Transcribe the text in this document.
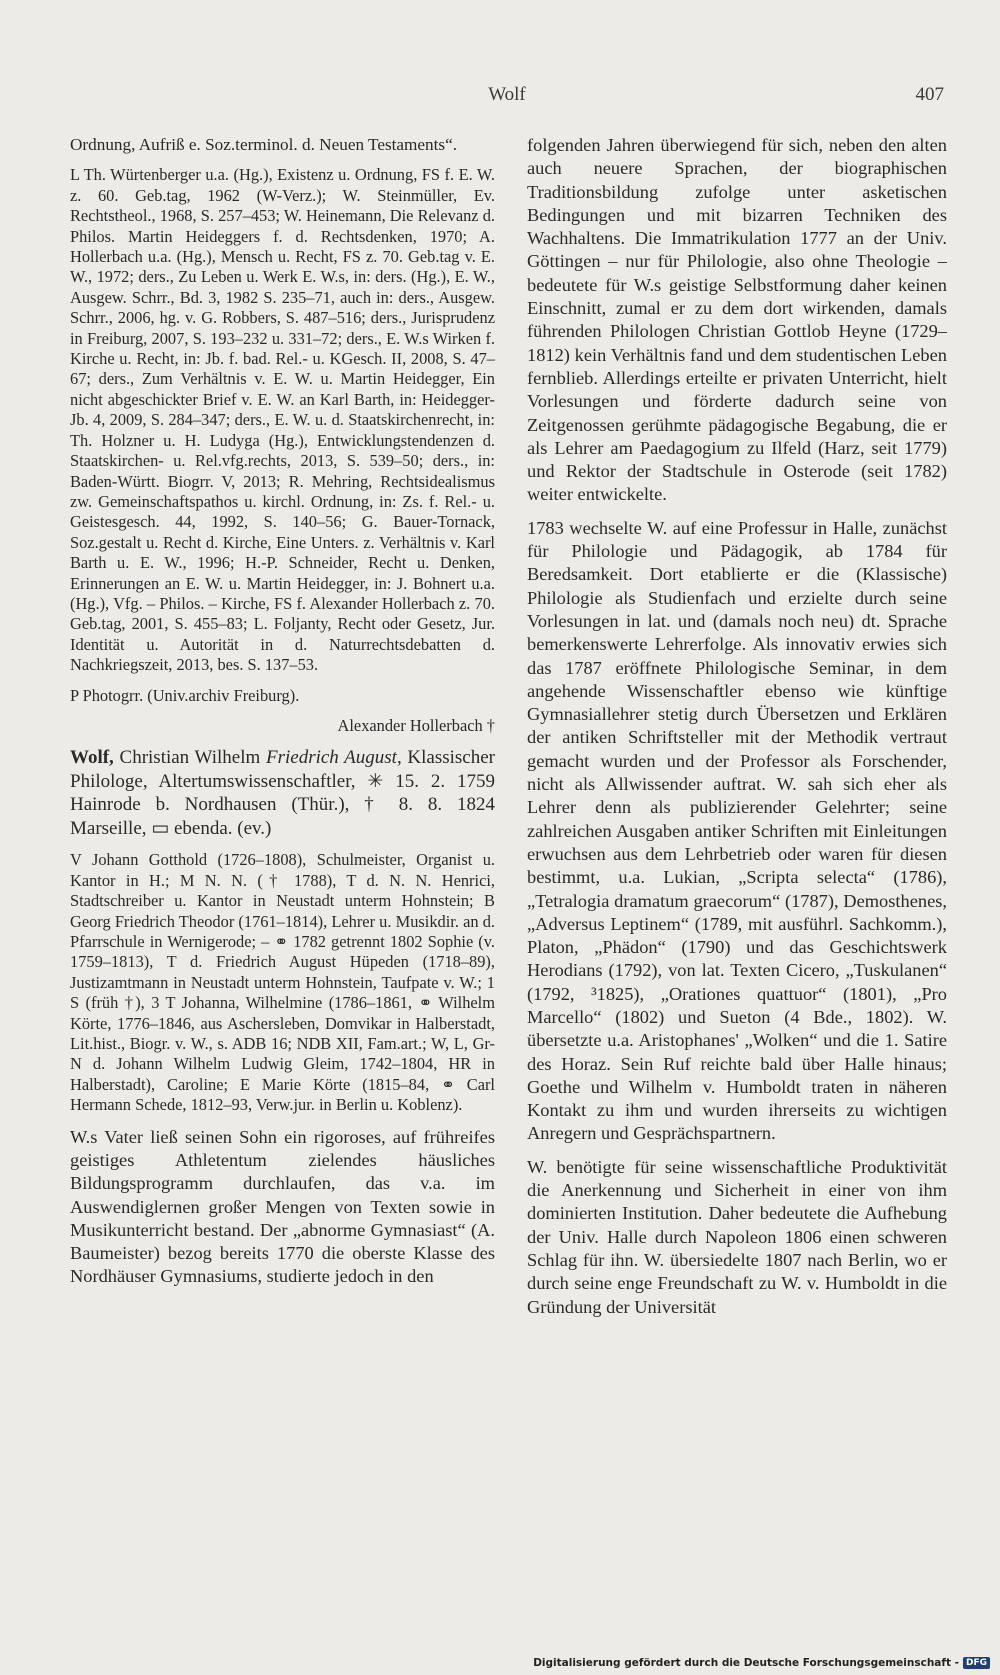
Wolf	407

Ordnung, Aufriß e. Soz.terminol. d. Neuen Testaments“.

L Th. Würtenberger u.a. (Hg.), Existenz u. Ordnung, FS f. E. W. z. 60. Geb.tag, 1962 (W-Verz.); W. Steinmüller, Ev. Rechtstheol., 1968, S. 257–453; W. Heinemann, Die Relevanz d. Philos. Martin Heideggers f. d. Rechtsdenken, 1970; A. Hollerbach u.a. (Hg.), Mensch u. Recht, FS z. 70. Geb.tag v. E. W., 1972; ders., Zu Leben u. Werk E. W.s, in: ders. (Hg.), E. W., Ausgew. Schrr., Bd. 3, 1982 S. 235–71, auch in: ders., Ausgew. Schrr., 2006, hg. v. G. Robbers, S. 487–516; ders., Jurisprudenz in Freiburg, 2007, S. 193–232 u. 331–72; ders., E. W.s Wirken f. Kirche u. Recht, in: Jb. f. bad. Rel.- u. KGesch. II, 2008, S. 47–67; ders., Zum Verhältnis v. E. W. u. Martin Heidegger, Ein nicht abgeschickter Brief v. E. W. an Karl Barth, in: Heidegger-Jb. 4, 2009, S. 284–347; ders., E. W. u. d. Staatskirchenrecht, in: Th. Holzner u. H. Ludyga (Hg.), Entwicklungstendenzen d. Staatskirchen- u. Rel.vfg.rechts, 2013, S. 539–50; ders., in: Baden-Württ. Biogrr. V, 2013; R. Mehring, Rechtsidealismus zw. Gemeinschaftspathos u. kirchl. Ordnung, in: Zs. f. Rel.- u. Geistesgesch. 44, 1992, S. 140–56; G. Bauer-Tornack, Soz.gestalt u. Recht d. Kirche, Eine Unters. z. Verhältnis v. Karl Barth u. E. W., 1996; H.-P. Schneider, Recht u. Denken, Erinnerungen an E. W. u. Martin Heidegger, in: J. Bohnert u.a. (Hg.), Vfg. – Philos. – Kirche, FS f. Alexander Hollerbach z. 70. Geb.tag, 2001, S. 455–83; L. Foljanty, Recht oder Gesetz, Jur. Identität u. Autorität in d. Naturrechtsdebatten d. Nachkriegszeit, 2013, bes. S. 137–53.

P Photogrr. (Univ.archiv Freiburg).

Alexander Hollerbach †

Wolf, Christian Wilhelm Friedrich August, Klassischer Philologe, Altertumswissenschaftler, ✳ 15. 2. 1759 Hainrode b. Nordhausen (Thür.), † 8. 8. 1824 Marseille, ▭ ebenda. (ev.)

V Johann Gotthold (1726–1808), Schulmeister, Organist u. Kantor in H.; M N. N. († 1788), T d. N. N. Henrici, Stadtschreiber u. Kantor in Neustadt unterm Hohnstein; B Georg Friedrich Theodor (1761–1814), Lehrer u. Musikdir. an d. Pfarrschule in Wernigerode; – ⚭ 1782 getrennt 1802 Sophie (v. 1759–1813), T d. Friedrich August Hüpeden (1718–89), Justizamtmann in Neustadt unterm Hohnstein, Taufpate v. W.; 1 S (früh †), 3 T Johanna, Wilhelmine (1786–1861, ⚭ Wilhelm Körte, 1776–1846, aus Aschersleben, Domvikar in Halberstadt, Lit.hist., Biogr. v. W., s. ADB 16; NDB XII, Fam.art.; W, L, Gr-N d. Johann Wilhelm Ludwig Gleim, 1742–1804, HR in Halberstadt), Caroline; E Marie Körte (1815–84, ⚭ Carl Hermann Schede, 1812–93, Verw.jur. in Berlin u. Koblenz).

W.s Vater ließ seinen Sohn ein rigoroses, auf frühreifes geistiges Athletentum zielendes häusliches Bildungsprogramm durchlaufen, das v.a. im Auswendiglernen großer Mengen von Texten sowie in Musikunterricht bestand. Der „abnorme Gymnasiast“ (A. Baumeister) bezog bereits 1770 die oberste Klasse des Nordhäuser Gymnasiums, studierte jedoch in den

folgenden Jahren überwiegend für sich, neben den alten auch neuere Sprachen, der biographischen Traditionsbildung zufolge unter asketischen Bedingungen und mit bizarren Techniken des Wachhaltens. Die Immatrikulation 1777 an der Univ. Göttingen – nur für Philologie, also ohne Theologie – bedeutete für W.s geistige Selbstformung daher keinen Einschnitt, zumal er zu dem dort wirkenden, damals führenden Philologen Christian Gottlob Heyne (1729–1812) kein Verhältnis fand und dem studentischen Leben fernblieb. Allerdings erteilte er privaten Unterricht, hielt Vorlesungen und förderte dadurch seine von Zeitgenossen gerühmte pädagogische Begabung, die er als Lehrer am Paedagogium zu Ilfeld (Harz, seit 1779) und Rektor der Stadtschule in Osterode (seit 1782) weiter entwickelte.

1783 wechselte W. auf eine Professur in Halle, zunächst für Philologie und Pädagogik, ab 1784 für Beredsamkeit. Dort etablierte er die (Klassische) Philologie als Studienfach und erzielte durch seine Vorlesungen in lat. und (damals noch neu) dt. Sprache bemerkenswerte Lehrerfolge. Als innovativ erwies sich das 1787 eröffnete Philologische Seminar, in dem angehende Wissenschaftler ebenso wie künftige Gymnasiallehrer stetig durch Übersetzen und Erklären der antiken Schriftsteller mit der Methodik vertraut gemacht wurden und der Professor als Forschender, nicht als Allwissender auftrat. W. sah sich eher als Lehrer denn als publizierender Gelehrter; seine zahlreichen Ausgaben antiker Schriften mit Einleitungen erwuchsen aus dem Lehrbetrieb oder waren für diesen bestimmt, u.a. Lukian, „Scripta selecta“ (1786), „Tetralogia dramatum graecorum“ (1787), Demosthenes, „Adversus Leptinem“ (1789, mit ausführl. Sachkomm.), Platon, „Phädon“ (1790) und das Geschichtswerk Herodians (1792), von lat. Texten Cicero, „Tuskulanen“ (1792, ³1825), „Orationes quattuor“ (1801), „Pro Marcello“ (1802) und Sueton (4 Bde., 1802). W. übersetzte u.a. Aristophanes' „Wolken“ und die 1. Satire des Horaz. Sein Ruf reichte bald über Halle hinaus; Goethe und Wilhelm v. Humboldt traten in näheren Kontakt zu ihm und wurden ihrerseits zu wichtigen Anregern und Gesprächspartnern.

W. benötigte für seine wissenschaftliche Produktivität die Anerkennung und Sicherheit in einer von ihm dominierten Institution. Daher bedeutete die Aufhebung der Univ. Halle durch Napoleon 1806 einen schweren Schlag für ihn. W. übersiedelte 1807 nach Berlin, wo er durch seine enge Freundschaft zu W. v. Humboldt in die Gründung der Universität

Digitalisierung gefördert durch die Deutsche Forschungsgemeinschaft - DFG
